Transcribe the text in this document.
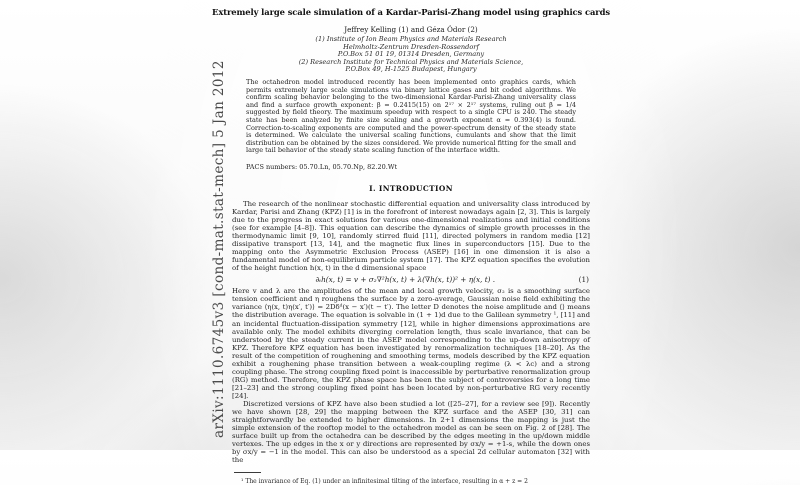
arXiv:1110.6745v3 [cond-mat.stat-mech] 5 Jan 2012
Extremely large scale simulation of a Kardar-Parisi-Zhang model using graphics cards
Jeffrey Kelling (1) and Géza Ódor (2)
(1) Institute of Ion Beam Physics and Materials Research
Helmholtz-Zentrum Dresden-Rossendorf
P.O.Box 51 01 19, 01314 Dresden, Germany
(2) Research Institute for Technical Physics and Materials Science,
P.O.Box 49, H-1525 Budapest, Hungary

The octahedron model introduced recently has been implemented onto graphics cards, which permits extremely large scale simulations via binary lattice gases and bit coded algorithms. We confirm scaling behavior belonging to the two-dimensional Kardar-Parisi-Zhang universality class and find a surface growth exponent: β = 0.2415(15) on 2¹⁷ × 2¹⁷ systems, ruling out β = 1/4 suggested by field theory. The maximum speedup with respect to a single CPU is 240. The steady state has been analyzed by finite size scaling and a growth exponent α = 0.393(4) is found. Correction-to-scaling exponents are computed and the power-spectrum density of the steady state is determined. We calculate the universal scaling functions, cumulants and show that the limit distribution can be obtained by the sizes considered. We provide numerical fitting for the small and large tail behavior of the steady state scaling function of the interface width.

PACS numbers: 05.70.Ln, 05.70.Np, 82.20.Wt
I. INTRODUCTION

The research of the nonlinear stochastic differential equation and universality class introduced by Kardar, Parisi and Zhang (KPZ) [1] is in the forefront of interest nowadays again [2, 3]. This is largely due to the progress in exact solutions for various one-dimensional realizations and initial conditions (see for example [4–8]). This equation can describe the dynamics of simple growth processes in the thermodynamic limit [9, 10], randomly stirred fluid [11], directed polymers in random media [12] dissipative transport [13, 14], and the magnetic flux lines in superconductors [15]. Due to the mapping onto the Asymmetric Exclusion Process (ASEP) [16] in one dimension it is also a fundamental model of non-equilibrium particle system [17]. The KPZ equation specifies the evolution of the height function h(x, t) in the d dimensional space

∂ₜh(x, t) = v + σ₂∇²h(x, t) + λ(∇h(x, t))² + η(x, t) .	(1)

Here v and λ are the amplitudes of the mean and local growth velocity, σ₂ is a smoothing surface tension coefficient and η roughens the surface by a zero-average, Gaussian noise field exhibiting the variance ⟨η(x, t)η(x′, t′)⟩ = 2Dδᵈ(x − x′)(t − t′). The letter D denotes the noise amplitude and ⟨⟩ means the distribution average. The equation is solvable in (1 + 1)d due to the Galilean symmetry ¹, [11] and an incidental fluctuation-dissipation symmetry [12], while in higher dimensions approximations are available only. The model exhibits diverging correlation length, thus scale invariance, that can be understood by the steady current in the ASEP model corresponding to the up-down anisotropy of KPZ. Therefore KPZ equation has been investigated by renormalization techniques [18–20]. As the result of the competition of roughening and smoothing terms, models described by the KPZ equation exhibit a roughening phase transition between a weak-coupling regime (λ < λc) and a strong coupling phase. The strong coupling fixed point is inaccessible by perturbative renormalization group (RG) method. Therefore, the KPZ phase space has been the subject of controversies for a long time [21–23] and the strong coupling fixed point has been located by non-perturbative RG very recently [24].

Discretized versions of KPZ have also been studied a lot ([25–27], for a review see [9]). Recently we have shown [28, 29] the mapping between the KPZ surface and the ASEP [30, 31] can straightforwardly be extended to higher dimensions. In 2+1 dimensions the mapping is just the simple extension of the rooftop model to the octahedron model as can be seen on Fig. 2 of [28]. The surface built up from the octahedra can be described by the edges meeting in the up/down middle vertexes. The up edges in the x or y directions are represented by σx/y = +1-s, while the down ones by σx/y = −1 in the model. This can also be understood as a special 2d cellular automaton [32] with the

¹ The invariance of Eq. (1) under an infinitesimal tilting of the interface, resulting in α + z = 2
